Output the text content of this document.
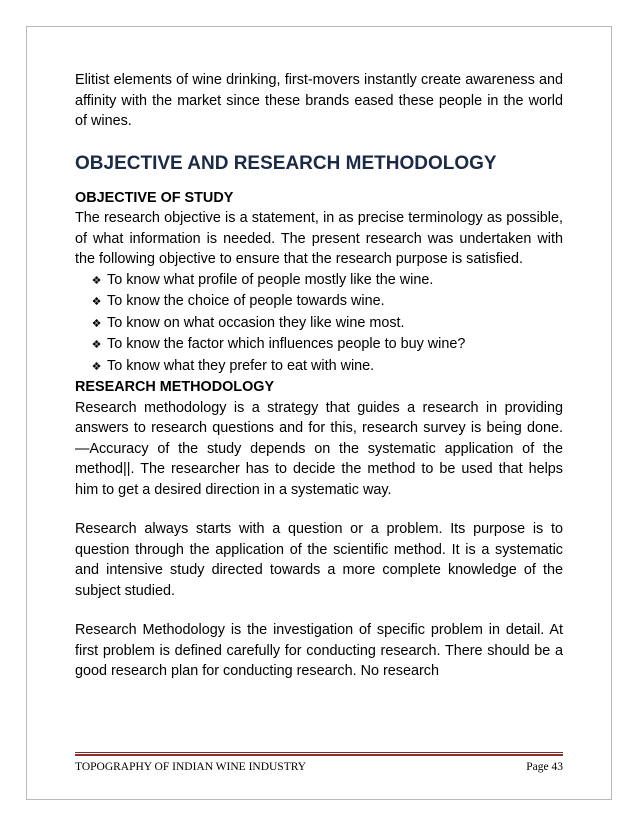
Elitist elements of wine drinking, first-movers instantly create awareness and affinity with the market since these brands eased these people in the world of wines.

OBJECTIVE AND RESEARCH METHODOLOGY
OBJECTIVE OF STUDY

The research objective is a statement, in as precise terminology as possible, of what information is needed. The present research was undertaken with the following objective to ensure that the research purpose is satisfied.

❖ To know what profile of people mostly like the wine.
❖ To know the choice of people towards wine.
❖ To know on what occasion they like wine most.
❖ To know the factor which influences people to buy wine?
❖ To know what they prefer to eat with wine.
RESEARCH METHODOLOGY

Research methodology is a strategy that guides a research in providing answers to research questions and for this, research survey is being done. —Accuracy of the study depends on the systematic application of the method||. The researcher has to decide the method to be used that helps him to get a desired direction in a systematic way.

Research always starts with a question or a problem. Its purpose is to question through the application of the scientific method. It is a systematic and intensive study directed towards a more complete knowledge of the subject studied.

Research Methodology is the investigation of specific problem in detail. At first problem is defined carefully for conducting research. There should be a good research plan for conducting research. No research

TOPOGRAPHY OF INDIAN WINE INDUSTRY	Page 43
